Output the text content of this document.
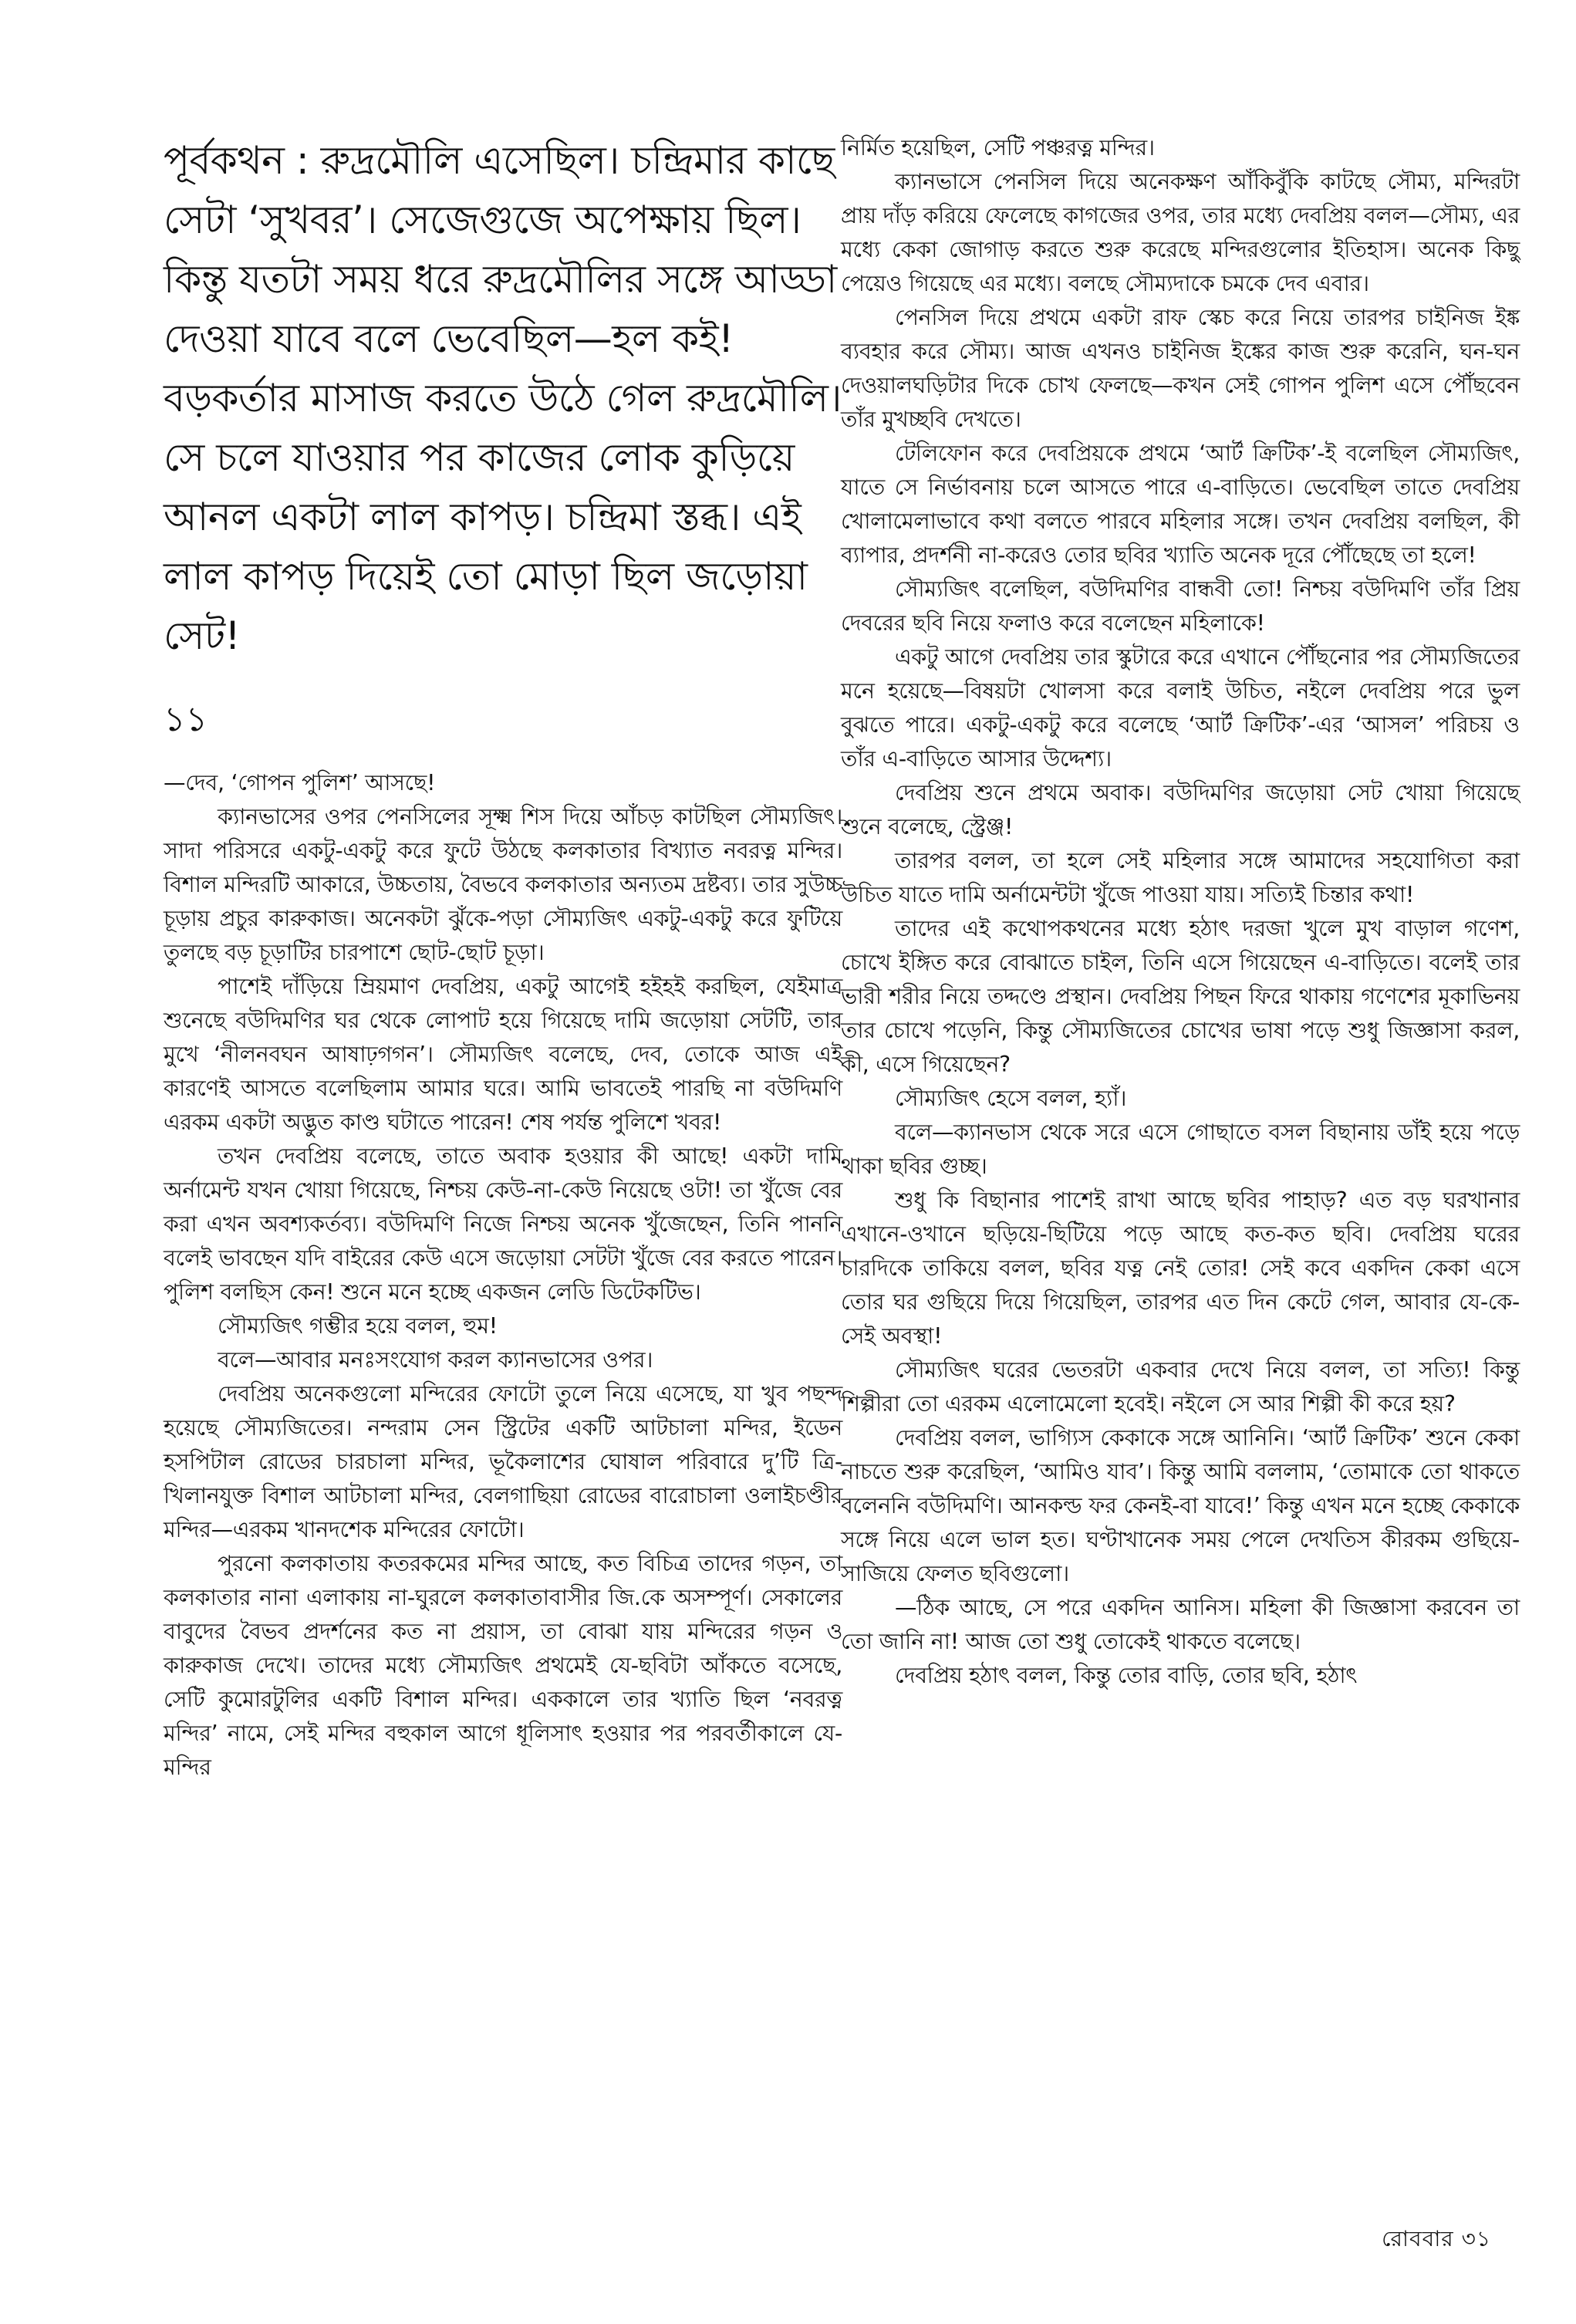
পূর্বকথন : রুদ্রমৌলি এসেছিল। চন্দ্রিমার কাছে সেটা ‘সুখবর’। সেজেগুজে অপেক্ষায় ছিল। কিন্তু যতটা সময় ধরে রুদ্রমৌলির সঙ্গে আড্ডা দেওয়া যাবে বলে ভেবেছিল—হল কই! বড়কর্তার মাসাজ করতে উঠে গেল রুদ্রমৌলি। সে চলে যাওয়ার পর কাজের লোক কুড়িয়ে আনল একটা লাল কাপড়। চন্দ্রিমা স্তব্ধ। এই লাল কাপড় দিয়েই তো মোড়া ছিল জড়োয়া সেট!
১১

—দেব, ‘গোপন পুলিশ’ আসছে!

ক্যানভাসের ওপর পেনসিলের সূক্ষ্ম শিস দিয়ে আঁচড় কাটছিল সৌম্যজিৎ। সাদা পরিসরে একটু-একটু করে ফুটে উঠছে কলকাতার বিখ্যাত নবরত্ন মন্দির। বিশাল মন্দিরটি আকারে, উচ্চতায়, বৈভবে কলকাতার অন্যতম দ্রষ্টব্য। তার সুউচ্চ চূড়ায় প্রচুর কারুকাজ। অনেকটা ঝুঁকে-পড়া সৌম্যজিৎ একটু-একটু করে ফুটিয়ে তুলছে বড় চূড়াটির চারপাশে ছোট-ছোট চূড়া।

পাশেই দাঁড়িয়ে ম্রিয়মাণ দেবপ্রিয়, একটু আগেই হইহই করছিল, যেইমাত্র শুনেছে বউদিমণির ঘর থেকে লোপাট হয়ে গিয়েছে দামি জড়োয়া সেটটি, তার মুখে ‘নীলনবঘন আষাঢ়গগন’। সৌম্যজিৎ বলেছে, দেব, তোকে আজ এই কারণেই আসতে বলেছিলাম আমার ঘরে। আমি ভাবতেই পারছি না বউদিমণি এরকম একটা অদ্ভুত কাণ্ড ঘটাতে পারেন! শেষ পর্যন্ত পুলিশে খবর!

তখন দেবপ্রিয় বলেছে, তাতে অবাক হওয়ার কী আছে! একটা দামি অর্নামেন্ট যখন খোয়া গিয়েছে, নিশ্চয় কেউ-না-কেউ নিয়েছে ওটা! তা খুঁজে বের করা এখন অবশ্যকর্তব্য। বউদিমণি নিজে নিশ্চয় অনেক খুঁজেছেন, তিনি পাননি বলেই ভাবছেন যদি বাইরের কেউ এসে জড়োয়া সেটটা খুঁজে বের করতে পারেন। পুলিশ বলছিস কেন! শুনে মনে হচ্ছে একজন লেডি ডিটেকটিভ।

সৌম্যজিৎ গম্ভীর হয়ে বলল, হুম!

বলে—আবার মনঃসংযোগ করল ক্যানভাসের ওপর।

দেবপ্রিয় অনেকগুলো মন্দিরের ফোটো তুলে নিয়ে এসেছে, যা খুব পছন্দ হয়েছে সৌম্যজিতের। নন্দরাম সেন স্ট্রিটের একটি আটচালা মন্দির, ইডেন হসপিটাল রোডের চারচালা মন্দির, ভূকৈলাশের ঘোষাল পরিবারে দু’টি ত্রি-খিলানযুক্ত বিশাল আটচালা মন্দির, বেলগাছিয়া রোডের বারোচালা ওলাইচণ্ডীর মন্দির—এরকম খানদশেক মন্দিরের ফোটো।

পুরনো কলকাতায় কতরকমের মন্দির আছে, কত বিচিত্র তাদের গড়ন, তা কলকাতার নানা এলাকায় না-ঘুরলে কলকাতাবাসীর জি.কে অসম্পূর্ণ। সেকালের বাবুদের বৈভব প্রদর্শনের কত না প্রয়াস, তা বোঝা যায় মন্দিরের গড়ন ও কারুকাজ দেখে। তাদের মধ্যে সৌম্যজিৎ প্রথমেই যে-ছবিটা আঁকতে বসেছে, সেটি কুমোরটুলির একটি বিশাল মন্দির। এককালে তার খ্যাতি ছিল ‘নবরত্ন মন্দির’ নামে, সেই মন্দির বহুকাল আগে ধূলিসাৎ হওয়ার পর পরবর্তীকালে যে-মন্দির

নির্মিত হয়েছিল, সেটি পঞ্চরত্ন মন্দির।

ক্যানভাসে পেনসিল দিয়ে অনেকক্ষণ আঁকিবুঁকি কাটছে সৌম্য, মন্দিরটা প্রায় দাঁড় করিয়ে ফেলেছে কাগজের ওপর, তার মধ্যে দেবপ্রিয় বলল—সৌম্য, এর মধ্যে কেকা জোগাড় করতে শুরু করেছে মন্দিরগুলোর ইতিহাস। অনেক কিছু পেয়েও গিয়েছে এর মধ্যে। বলছে সৌম্যদাকে চমকে দেব এবার।

পেনসিল দিয়ে প্রথমে একটা রাফ স্কেচ করে নিয়ে তারপর চাইনিজ ইঙ্ক ব্যবহার করে সৌম্য। আজ এখনও চাইনিজ ইঙ্কের কাজ শুরু করেনি, ঘন-ঘন দেওয়ালঘড়িটার দিকে চোখ ফেলছে—কখন সেই গোপন পুলিশ এসে পৌঁছবেন তাঁর মুখচ্ছবি দেখতে।

টেলিফোন করে দেবপ্রিয়কে প্রথমে ‘আর্ট ক্রিটিক’-ই বলেছিল সৌম্যজিৎ, যাতে সে নির্ভাবনায় চলে আসতে পারে এ-বাড়িতে। ভেবেছিল তাতে দেবপ্রিয় খোলামেলাভাবে কথা বলতে পারবে মহিলার সঙ্গে। তখন দেবপ্রিয় বলছিল, কী ব্যাপার, প্রদর্শনী না-করেও তোর ছবির খ্যাতি অনেক দূরে পৌঁছেছে তা হলে!

সৌম্যজিৎ বলেছিল, বউদিমণির বান্ধবী তো! নিশ্চয় বউদিমণি তাঁর প্রিয় দেবরের ছবি নিয়ে ফলাও করে বলেছেন মহিলাকে!

একটু আগে দেবপ্রিয় তার স্কুটারে করে এখানে পৌঁছনোর পর সৌম্যজিতের মনে হয়েছে—বিষয়টা খোলসা করে বলাই উচিত, নইলে দেবপ্রিয় পরে ভুল বুঝতে পারে। একটু-একটু করে বলেছে ‘আর্ট ক্রিটিক’-এর ‘আসল’ পরিচয় ও তাঁর এ-বাড়িতে আসার উদ্দেশ্য।

দেবপ্রিয় শুনে প্রথমে অবাক। বউদিমণির জড়োয়া সেট খোয়া গিয়েছে শুনে বলেছে, স্ট্রেঞ্জ!

তারপর বলল, তা হলে সেই মহিলার সঙ্গে আমাদের সহযোগিতা করা উচিত যাতে দামি অর্নামেন্টটা খুঁজে পাওয়া যায়। সত্যিই চিন্তার কথা!

তাদের এই কথোপকথনের মধ্যে হঠাৎ দরজা খুলে মুখ বাড়াল গণেশ, চোখে ইঙ্গিত করে বোঝাতে চাইল, তিনি এসে গিয়েছেন এ-বাড়িতে। বলেই তার ভারী শরীর নিয়ে তদ্দণ্ডে প্রস্থান। দেবপ্রিয় পিছন ফিরে থাকায় গণেশের মূকাভিনয় তার চোখে পড়েনি, কিন্তু সৌম্যজিতের চোখের ভাষা পড়ে শুধু জিজ্ঞাসা করল, কী, এসে গিয়েছেন?

সৌম্যজিৎ হেসে বলল, হ্যাঁ।

বলে—ক্যানভাস থেকে সরে এসে গোছাতে বসল বিছানায় ডাঁই হয়ে পড়ে থাকা ছবির গুচ্ছ।

শুধু কি বিছানার পাশেই রাখা আছে ছবির পাহাড়? এত বড় ঘরখানার এখানে-ওখানে ছড়িয়ে-ছিটিয়ে পড়ে আছে কত-কত ছবি। দেবপ্রিয় ঘরের চারদিকে তাকিয়ে বলল, ছবির যত্ন নেই তোর! সেই কবে একদিন কেকা এসে তোর ঘর গুছিয়ে দিয়ে গিয়েছিল, তারপর এত দিন কেটে গেল, আবার যে-কে-সেই অবস্থা!

সৌম্যজিৎ ঘরের ভেতরটা একবার দেখে নিয়ে বলল, তা সত্যি! কিন্তু শিল্পীরা তো এরকম এলোমেলো হবেই। নইলে সে আর শিল্পী কী করে হয়?

দেবপ্রিয় বলল, ভাগ্যিস কেকাকে সঙ্গে আনিনি। ‘আর্ট ক্রিটিক’ শুনে কেকা নাচতে শুরু করেছিল, ‘আমিও যাব’। কিন্তু আমি বললাম, ‘তোমাকে তো থাকতে বলেননি বউদিমণি। আনকল্ড ফর কেনই-বা যাবে!’ কিন্তু এখন মনে হচ্ছে কেকাকে সঙ্গে নিয়ে এলে ভাল হত। ঘণ্টাখানেক সময় পেলে দেখতিস কীরকম গুছিয়ে-সাজিয়ে ফেলত ছবিগুলো।

—ঠিক আছে, সে পরে একদিন আনিস। মহিলা কী জিজ্ঞাসা করবেন তা তো জানি না! আজ তো শুধু তোকেই থাকতে বলেছে।

দেবপ্রিয় হঠাৎ বলল, কিন্তু তোর বাড়ি, তোর ছবি, হঠাৎ

রোববার ৩১
